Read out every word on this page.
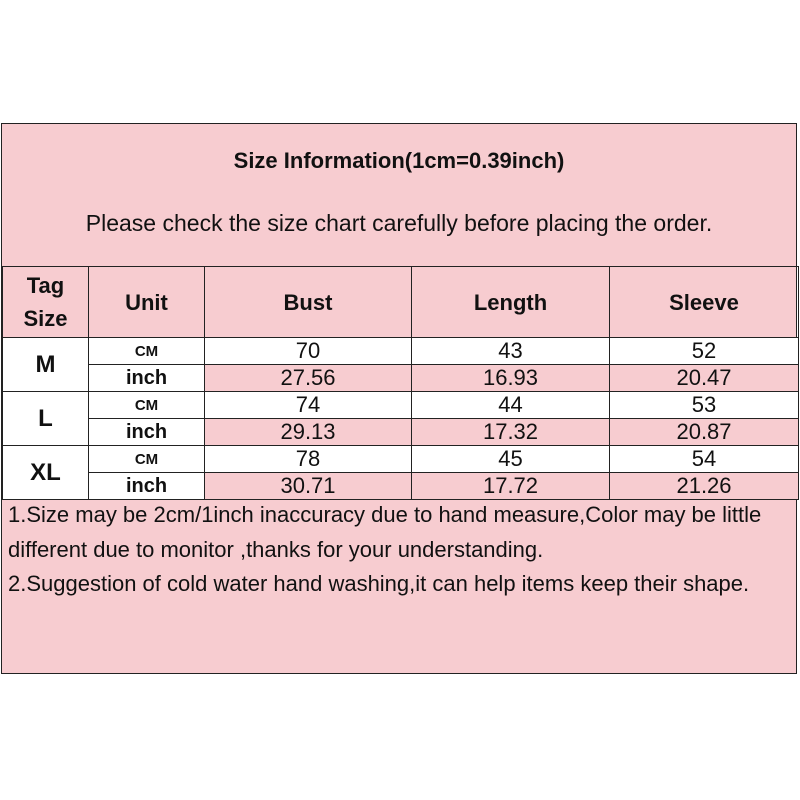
Size Information(1cm=0.39inch)
Please check the size chart carefully before placing the order.
Tag
Size	Unit	Bust	Length	Sleeve
M	CM	70	43	52
	inch	27.56	16.93	20.47
L	CM	74	44	53
	inch	29.13	17.32	20.87
XL	CM	78	45	54
	inch	30.71	17.72	21.26
1.Size may be 2cm/1inch inaccuracy due to hand measure,Color may be little different due to monitor ,thanks for your understanding.
2.Suggestion of cold water hand washing,it can help items keep their shape.
